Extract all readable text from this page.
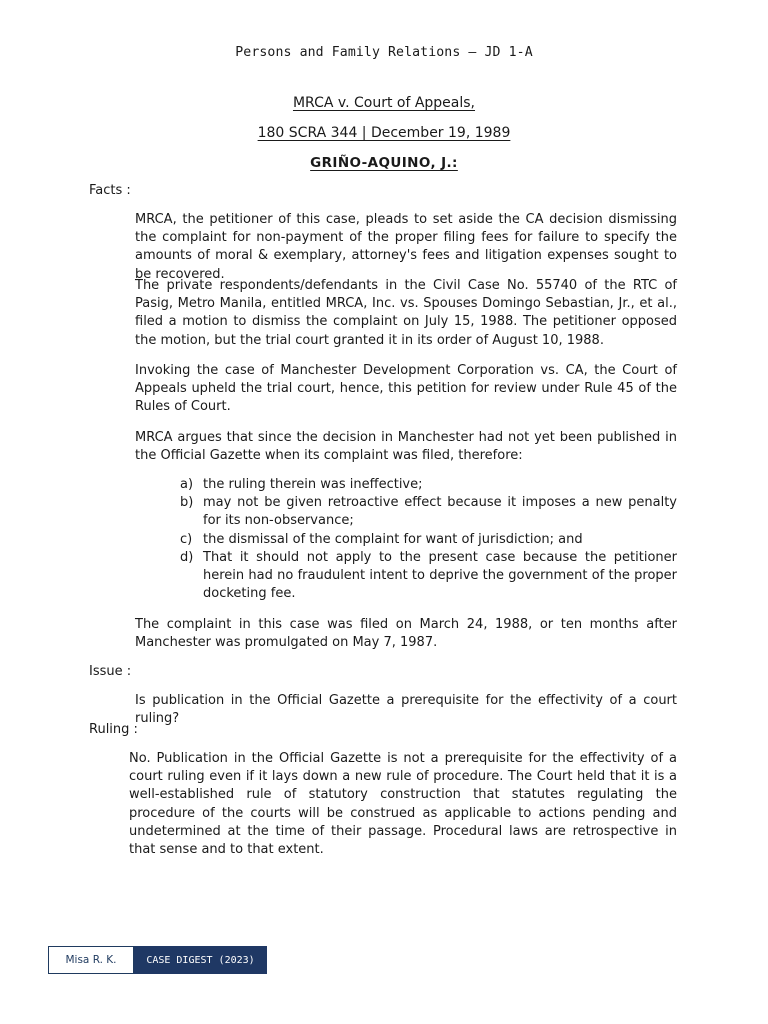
Persons and Family Relations – JD 1-A
MRCA v. Court of Appeals,
180 SCRA 344 | December 19, 1989
GRIÑO-AQUINO, J.:
Facts :

MRCA, the petitioner of this case, pleads to set aside the CA decision dismissing the complaint for non-payment of the proper filing fees for failure to specify the amounts of moral & exemplary, attorney's fees and litigation expenses sought to be recovered.

The private respondents/defendants in the Civil Case No. 55740 of the RTC of Pasig, Metro Manila, entitled MRCA, Inc. vs. Spouses Domingo Sebastian, Jr., et al., filed a motion to dismiss the complaint on July 15, 1988. The petitioner opposed the motion, but the trial court granted it in its order of August 10, 1988.

Invoking the case of Manchester Development Corporation vs. CA, the Court of Appeals upheld the trial court, hence, this petition for review under Rule 45 of the Rules of Court.

MRCA argues that since the decision in Manchester had not yet been published in the Official Gazette when its complaint was filed, therefore:

a) the ruling therein was ineffective;
b) may not be given retroactive effect because it imposes a new penalty for its non-observance;
c) the dismissal of the complaint for want of jurisdiction; and
d) That it should not apply to the present case because the petitioner herein had no fraudulent intent to deprive the government of the proper docketing fee.

The complaint in this case was filed on March 24, 1988, or ten months after Manchester was promulgated on May 7, 1987.

Issue :

Is publication in the Official Gazette a prerequisite for the effectivity of a court ruling?

Ruling :

No. Publication in the Official Gazette is not a prerequisite for the effectivity of a court ruling even if it lays down a new rule of procedure. The Court held that it is a well-established rule of statutory construction that statutes regulating the procedure of the courts will be construed as applicable to actions pending and undetermined at the time of their passage. Procedural laws are retrospective in that sense and to that extent.

Misa R. K.	CASE DIGEST (2023)
